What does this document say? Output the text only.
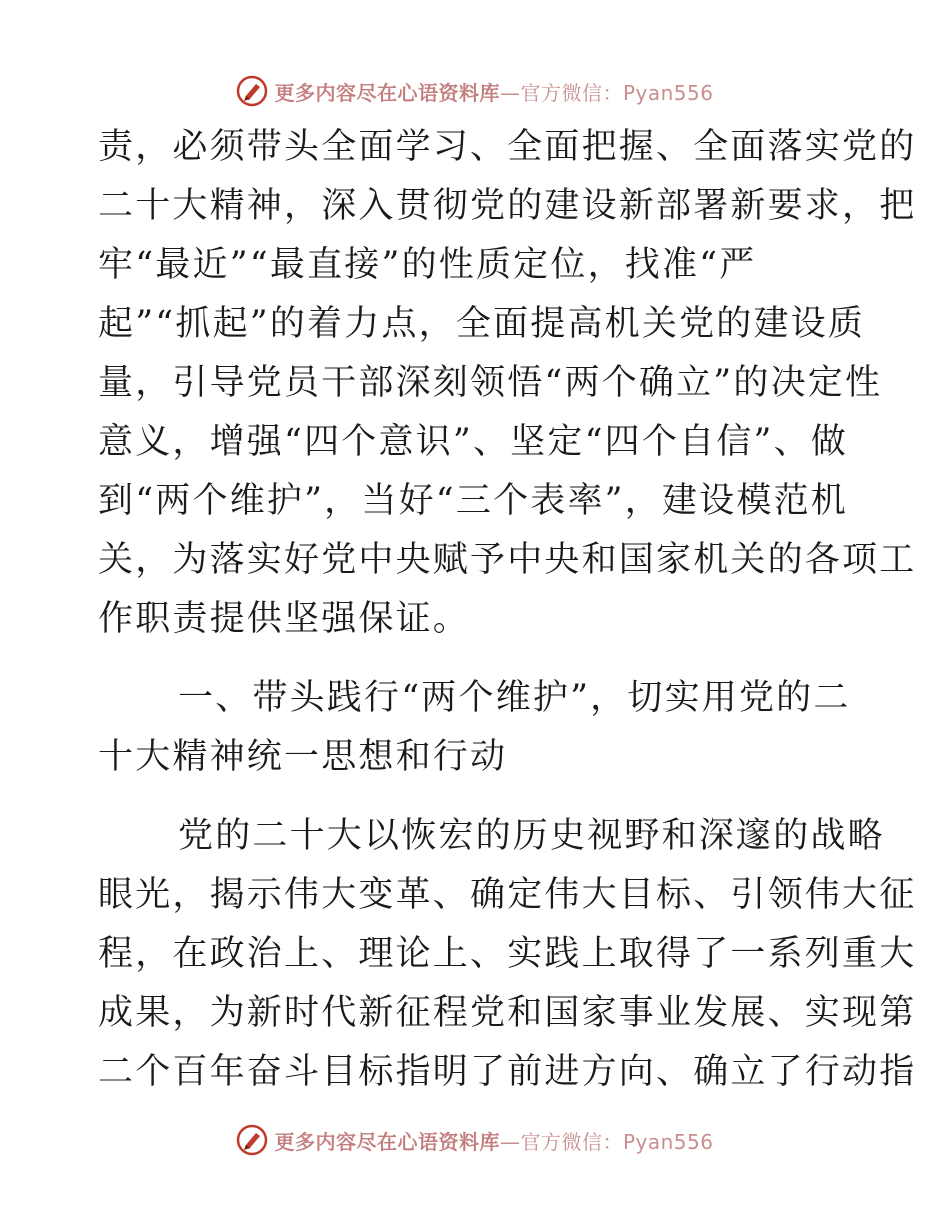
更多内容尽在心语资料库—官方微信：Pyan556
责，必须带头全面学习、全面把握、全面落实党的
二十大精神，深入贯彻党的建设新部署新要求，把
牢“最近”“最直接”的性质定位，找准“严
起”“抓起”的着力点，全面提高机关党的建设质
量，引导党员干部深刻领悟“两个确立”的决定性
意义，增强“四个意识”、坚定“四个自信”、做
到“两个维护”，当好“三个表率”，建设模范机
关，为落实好党中央赋予中央和国家机关的各项工
作职责提供坚强保证。
一、带头践行“两个维护”，切实用党的二
十大精神统一思想和行动
党的二十大以恢宏的历史视野和深邃的战略
眼光，揭示伟大变革、确定伟大目标、引领伟大征
程，在政治上、理论上、实践上取得了一系列重大
成果，为新时代新征程党和国家事业发展、实现第
二个百年奋斗目标指明了前进方向、确立了行动指
更多内容尽在心语资料库—官方微信：Pyan556
